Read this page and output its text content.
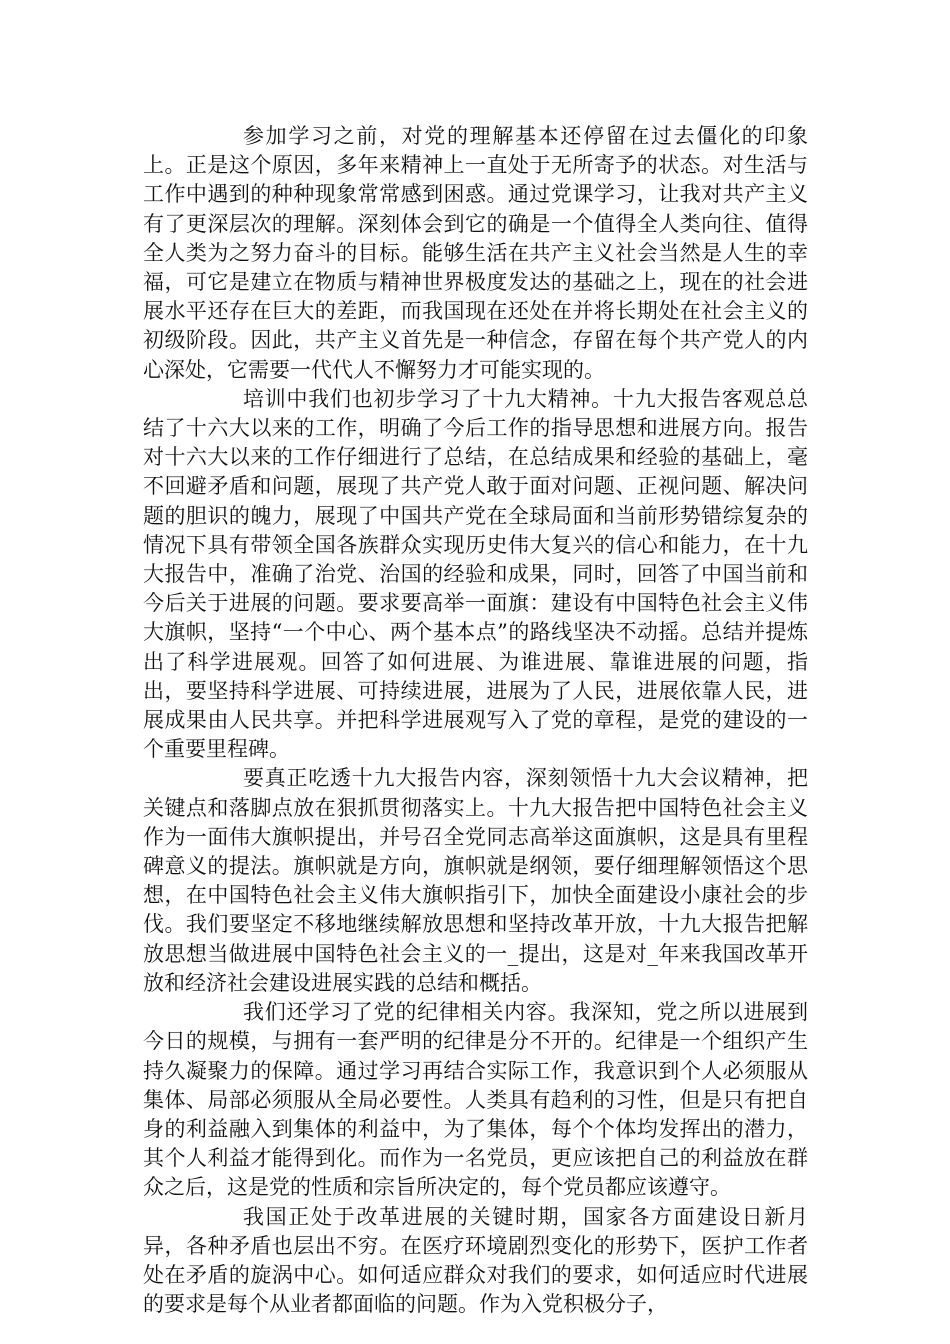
参加学习之前，对党的理解基本还停留在过去僵化的印象上。正是这个原因，多年来精神上一直处于无所寄予的状态。对生活与工作中遇到的种种现象常常感到困惑。通过党课学习，让我对共产主义有了更深层次的理解。深刻体会到它的确是一个值得全人类向往、值得全人类为之努力奋斗的目标。能够生活在共产主义社会当然是人生的幸福，可它是建立在物质与精神世界极度发达的基础之上，现在的社会进展水平还存在巨大的差距，而我国现在还处在并将长期处在社会主义的初级阶段。因此，共产主义首先是一种信念，存留在每个共产党人的内心深处，它需要一代代人不懈努力才可能实现的。

培训中我们也初步学习了十九大精神。十九大报告客观总总结了十六大以来的工作，明确了今后工作的指导思想和进展方向。报告对十六大以来的工作仔细进行了总结，在总结成果和经验的基础上，毫不回避矛盾和问题，展现了共产党人敢于面对问题、正视问题、解决问题的胆识的魄力，展现了中国共产党在全球局面和当前形势错综复杂的情况下具有带领全国各族群众实现历史伟大复兴的信心和能力，在十九大报告中，准确了治党、治国的经验和成果，同时，回答了中国当前和今后关于进展的问题。要求要高举一面旗：建设有中国特色社会主义伟大旗帜，坚持“一个中心、两个基本点”的路线坚决不动摇。总结并提炼出了科学进展观。回答了如何进展、为谁进展、靠谁进展的问题，指出，要坚持科学进展、可持续进展，进展为了人民，进展依靠人民，进展成果由人民共享。并把科学进展观写入了党的章程，是党的建设的一个重要里程碑。

要真正吃透十九大报告内容，深刻领悟十九大会议精神，把关键点和落脚点放在狠抓贯彻落实上。十九大报告把中国特色社会主义作为一面伟大旗帜提出，并号召全党同志高举这面旗帜，这是具有里程碑意义的提法。旗帜就是方向，旗帜就是纲领，要仔细理解领悟这个思想，在中国特色社会主义伟大旗帜指引下，加快全面建设小康社会的步伐。我们要坚定不移地继续解放思想和坚持改革开放，十九大报告把解放思想当做进展中国特色社会主义的一_提出，这是对_年来我国改革开放和经济社会建设进展实践的总结和概括。

我们还学习了党的纪律相关内容。我深知，党之所以进展到今日的规模，与拥有一套严明的纪律是分不开的。纪律是一个组织产生持久凝聚力的保障。通过学习再结合实际工作，我意识到个人必须服从集体、局部必须服从全局必要性。人类具有趋利的习性，但是只有把自身的利益融入到集体的利益中，为了集体，每个个体均发挥出的潜力，其个人利益才能得到化。而作为一名党员，更应该把自己的利益放在群众之后，这是党的性质和宗旨所决定的，每个党员都应该遵守。

我国正处于改革进展的关键时期，国家各方面建设日新月异，各种矛盾也层出不穷。在医疗环境剧烈变化的形势下，医护工作者处在矛盾的旋涡中心。如何适应群众对我们的要求，如何适应时代进展的要求是每个从业者都面临的问题。作为入党积极分子，
